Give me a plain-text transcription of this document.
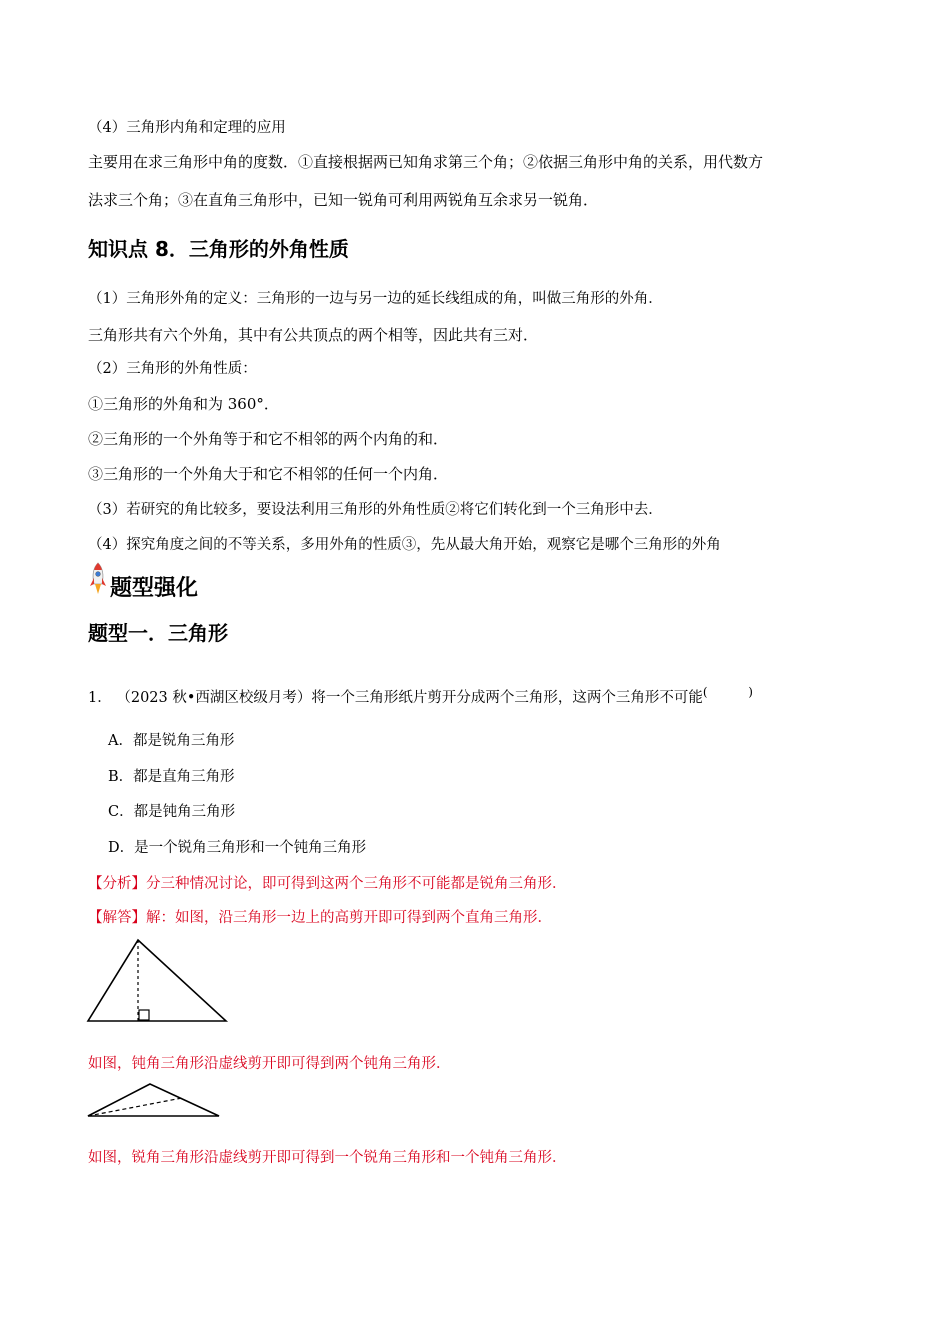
（4）三角形内角和定理的应用
主要用在求三角形中角的度数．①直接根据两已知角求第三个角；②依据三角形中角的关系，用代数方
法求三个角；③在直角三角形中，已知一锐角可利用两锐角互余求另一锐角．
知识点 8．三角形的外角性质
（1）三角形外角的定义：三角形的一边与另一边的延长线组成的角，叫做三角形的外角．
三角形共有六个外角，其中有公共顶点的两个相等，因此共有三对．
（2）三角形的外角性质：
①三角形的外角和为 360°．
②三角形的一个外角等于和它不相邻的两个内角的和．
③三角形的一个外角大于和它不相邻的任何一个内角．
（3）若研究的角比较多，要设法利用三角形的外角性质②将它们转化到一个三角形中去．
（4）探究角度之间的不等关系，多用外角的性质③，先从最大角开始，观察它是哪个三角形的外角
题型强化
题型一．三角形
1． （2023 秋•西湖区校级月考）将一个三角形纸片剪开分成两个三角形，这两个三角形不可能(	)
A．都是锐角三角形
B．都是直角三角形
C．都是钝角三角形
D．是一个锐角三角形和一个钝角三角形
【分析】分三种情况讨论，即可得到这两个三角形不可能都是锐角三角形．
【解答】解：如图，沿三角形一边上的高剪开即可得到两个直角三角形．
如图，钝角三角形沿虚线剪开即可得到两个钝角三角形．
如图，锐角三角形沿虚线剪开即可得到一个锐角三角形和一个钝角三角形．
